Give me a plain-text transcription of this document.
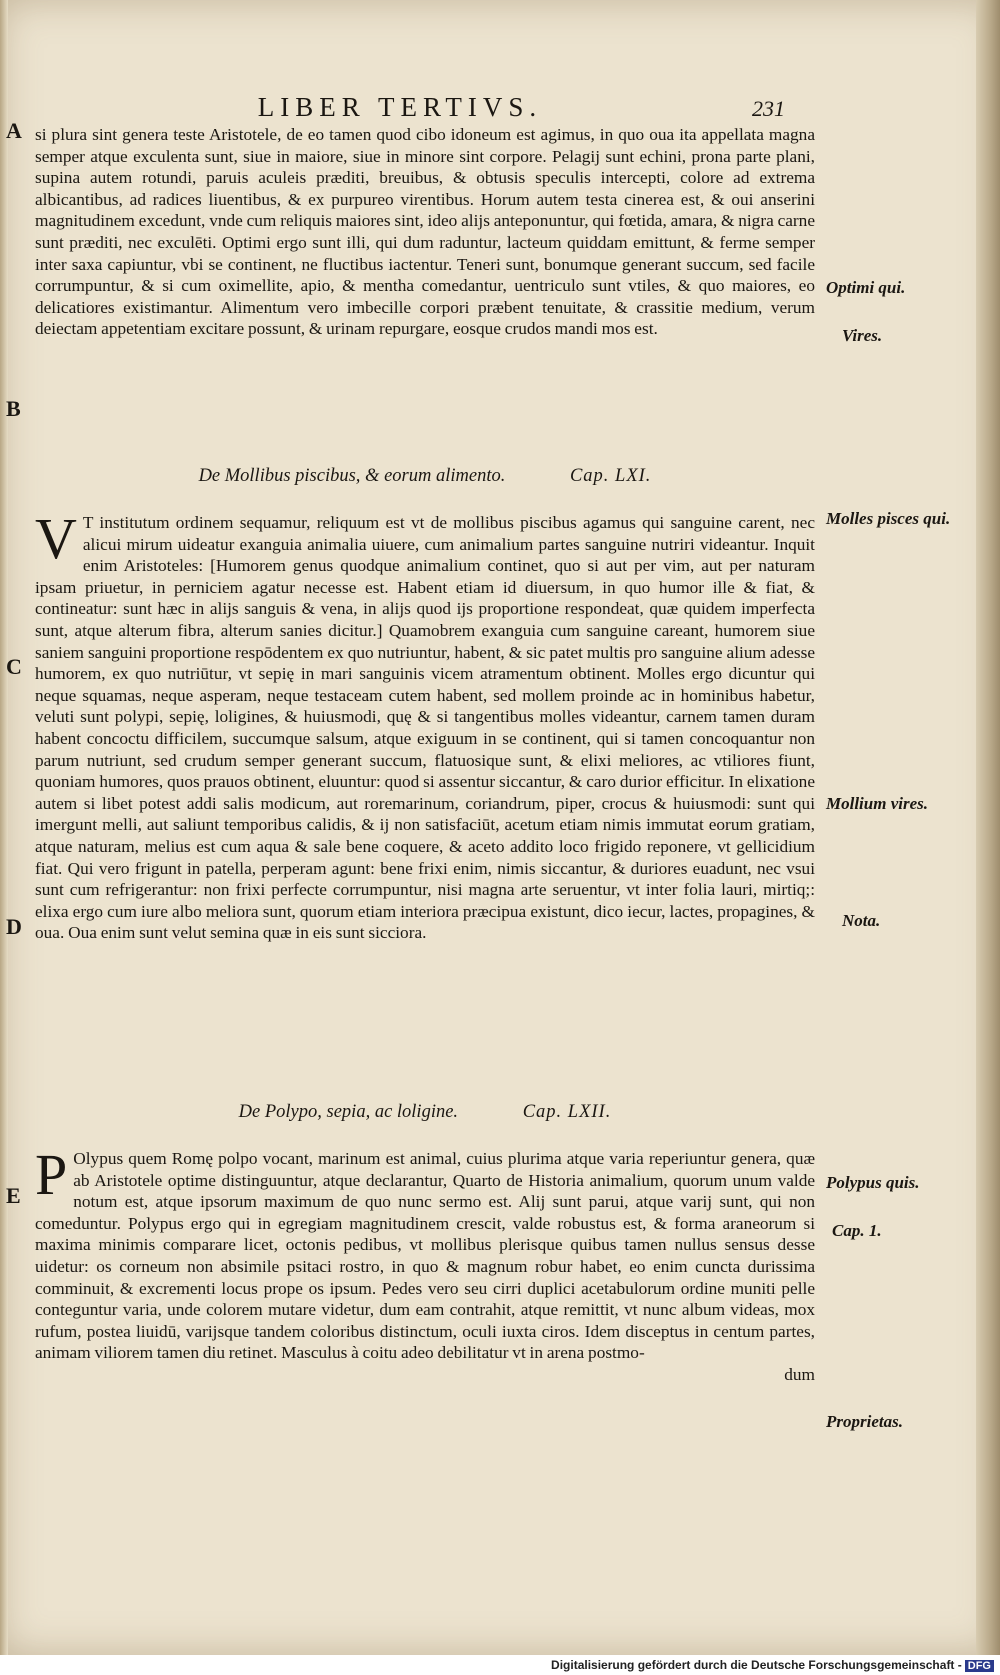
LIBER TERTIVS.	231
A
B
C
D
E
si plura sint genera teste Aristotele, de eo tamen quod cibo idoneum est agimus, in quo oua ita appellata magna semper atque exculenta sunt, siue in maiore, siue in minore sint corpore. Pelagij sunt echini, prona parte plani, supina autem rotundi, paruis aculeis præditi, breuibus, & obtusis speculis intercepti, colore ad extrema albicantibus, ad radices liuentibus, & ex purpureo virentibus. Horum autem testa cinerea est, & oui anserini magnitudinem excedunt, vnde cum reliquis maiores sint, ideo alijs anteponuntur, qui fœtida, amara, & nigra carne sunt præditi, nec exculēti. Optimi ergo sunt illi, qui dum raduntur, lacteum quiddam emittunt, & ferme semper inter saxa capiuntur, vbi se continent, ne fluctibus iactentur. Teneri sunt, bonumque generant succum, sed facile corrumpuntur, & si cum oximellite, apio, & mentha comedantur, uentriculo sunt vtiles, & quo maiores, eo delicatiores existimantur. Alimentum vero imbecille corpori præbent tenuitate, & crassitie medium, verum deiectam appetentiam excitare possunt, & urinam repurgare, eosque crudos mandi mos est.
De Mollibus piscibus, & eorum alimento.	Cap. LXI.
V T institutum ordinem sequamur, reliquum est vt de mollibus piscibus agamus qui sanguine carent, nec alicui mirum uideatur exanguia animalia uiuere, cum animalium partes sanguine nutriri videantur. Inquit enim Aristoteles: [Humorem genus quodque animalium continet, quo si aut per vim, aut per naturam ipsam priuetur, in perniciem agatur necesse est. Habent etiam id diuersum, in quo humor ille & fiat, & contineatur: sunt hæc in alijs sanguis & vena, in alijs quod ijs proportione respondeat, quæ quidem imperfecta sunt, atque alterum fibra, alterum sanies dicitur.] Quamobrem exanguia cum sanguine careant, humorem siue saniem sanguini proportione respōdentem ex quo nutriuntur, habent, & sic patet multis pro sanguine alium adesse humorem, ex quo nutriūtur, vt sepię in mari sanguinis vicem atramentum obtinent. Molles ergo dicuntur qui neque squamas, neque asperam, neque testaceam cutem habent, sed mollem proinde ac in hominibus habetur, veluti sunt polypi, sepię, loligines, & huiusmodi, quę & si tangentibus molles videantur, carnem tamen duram habent concoctu difficilem, succumque salsum, atque exiguum in se continent, qui si tamen concoquantur non parum nutriunt, sed crudum semper generant succum, flatuosique sunt, & elixi meliores, ac vtiliores fiunt, quoniam humores, quos prauos obtinent, eluuntur: quod si assentur siccantur, & caro durior efficitur. In elixatione autem si libet potest addi salis modicum, aut roremarinum, coriandrum, piper, crocus & huiusmodi: sunt qui imergunt melli, aut saliunt temporibus calidis, & ij non satisfaciūt, acetum etiam nimis immutat eorum gratiam, atque naturam, melius est cum aqua & sale bene coquere, & aceto addito loco frigido reponere, vt gellicidium fiat. Qui vero frigunt in patella, perperam agunt: bene frixi enim, nimis siccantur, & duriores euadunt, nec vsui sunt cum refrigerantur: non frixi perfecte corrumpuntur, nisi magna arte seruentur, vt inter folia lauri, mirtiq;: elixa ergo cum iure albo meliora sunt, quorum etiam interiora præcipua existunt, dico iecur, lactes, propagines, & oua. Oua enim sunt velut semina quæ in eis sunt sicciora.
De Polypo, sepia, ac loligine.	Cap. LXII.
P Olypus quem Romę polpo vocant, marinum est animal, cuius plurima atque varia reperiuntur genera, quæ ab Aristotele optime distinguuntur, atque declarantur, Quarto de Historia animalium, quorum unum valde notum est, atque ipsorum maximum de quo nunc sermo est. Alij sunt parui, atque varij sunt, qui non comeduntur. Polypus ergo qui in egregiam magnitudinem crescit, valde robustus est, & forma araneorum si maxima minimis comparare licet, octonis pedibus, vt mollibus plerisque quibus tamen nullus sensus desse uidetur: os corneum non absimile psitaci rostro, in quo & magnum robur habet, eo enim cuncta durissima comminuit, & excrementi locus prope os ipsum. Pedes vero seu cirri duplici acetabulorum ordine muniti pelle conteguntur varia, unde colorem mutare videtur, dum eam contrahit, atque remittit, vt nunc album videas, mox rufum, postea liuidū, varijsque tandem coloribus distinctum, oculi iuxta ciros. Idem disceptus in centum partes, animam viliorem tamen diu retinet. Masculus à coitu adeo debilitatur vt in arena postmo-
dum
Optimi qui.
Vires.
Molles pisces qui.
Mollium vires.
Nota.
Polypus quis.
Cap. 1.
Proprietas.
Digitalisierung gefördert durch die Deutsche Forschungsgemeinschaft - DFG
